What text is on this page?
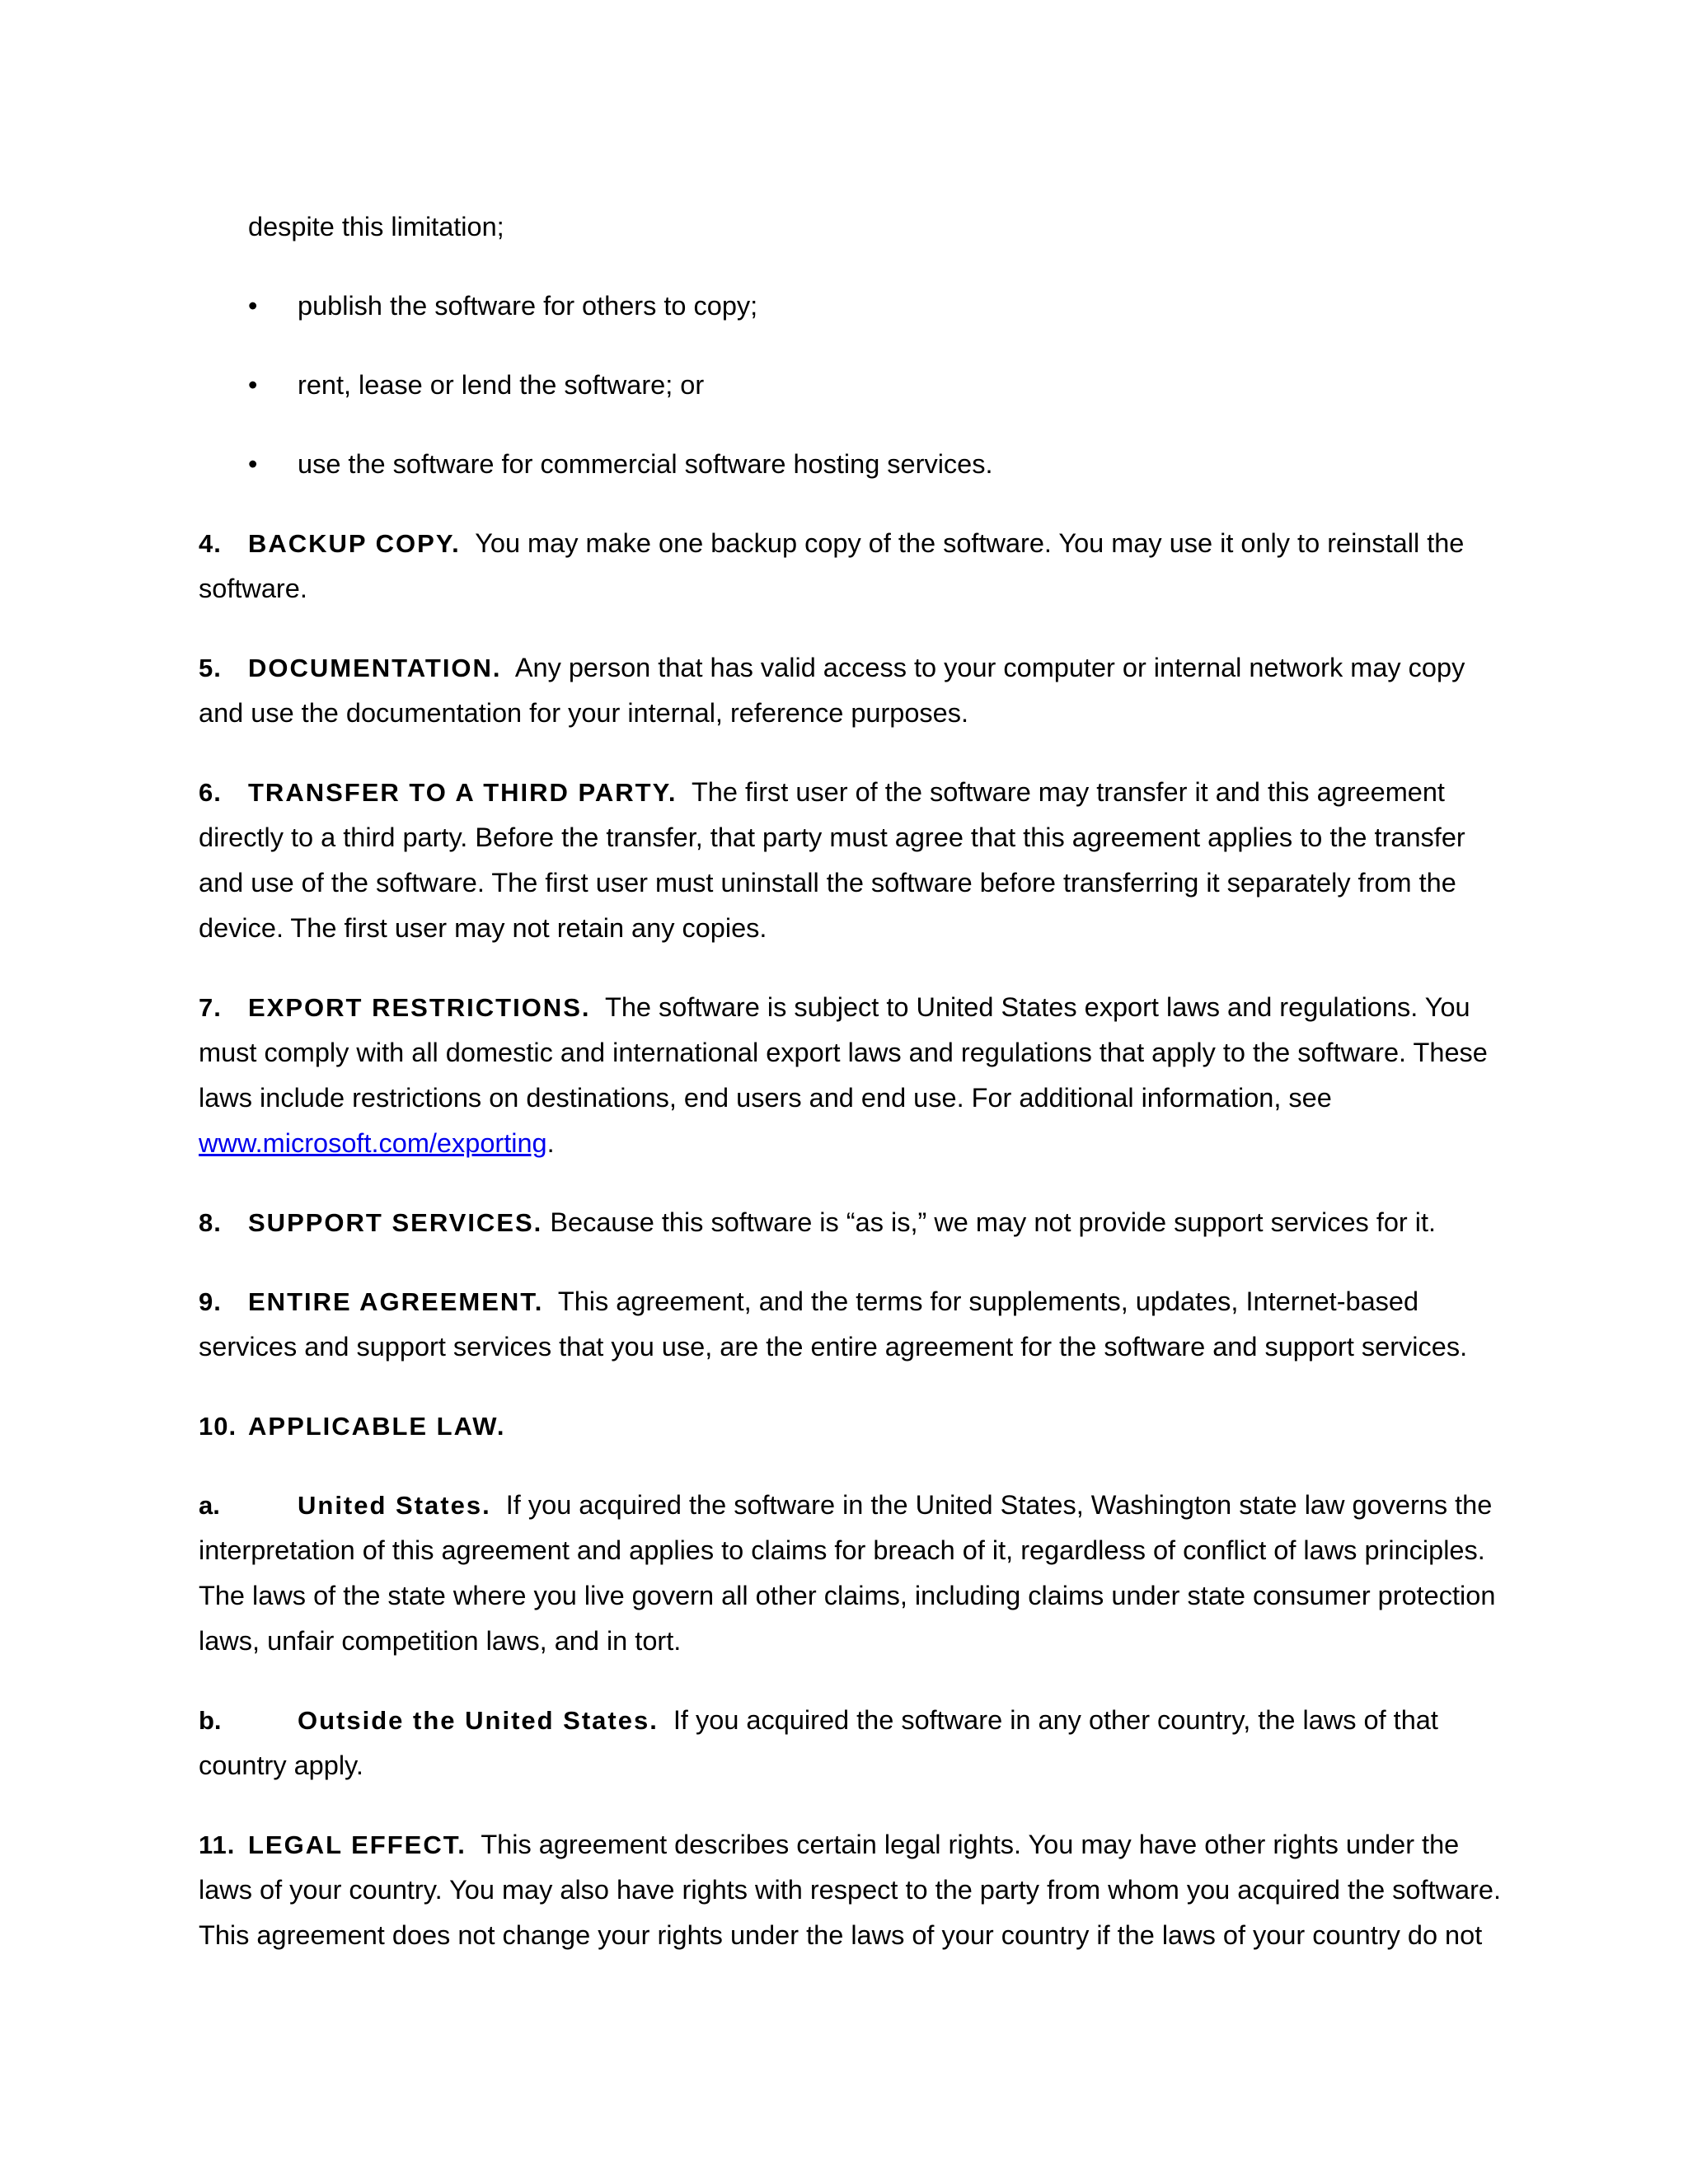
despite this limitation;
• publish the software for others to copy;
• rent, lease or lend the software; or
• use the software for commercial software hosting services.
4. BACKUP COPY. You may make one backup copy of the software. You may use it only to reinstall the
software.
5. DOCUMENTATION. Any person that has valid access to your computer or internal network may copy
and use the documentation for your internal, reference purposes.
6. TRANSFER TO A THIRD PARTY. The first user of the software may transfer it and this agreement
directly to a third party. Before the transfer, that party must agree that this agreement applies to the transfer
and use of the software. The first user must uninstall the software before transferring it separately from the
device. The first user may not retain any copies.
7. EXPORT RESTRICTIONS. The software is subject to United States export laws and regulations. You
must comply with all domestic and international export laws and regulations that apply to the software. These
laws include restrictions on destinations, end users and end use. For additional information, see
www.microsoft.com/exporting.
8. SUPPORT SERVICES. Because this software is “as is,” we may not provide support services for it.
9. ENTIRE AGREEMENT. This agreement, and the terms for supplements, updates, Internet-based
services and support services that you use, are the entire agreement for the software and support services.
10. APPLICABLE LAW.
a.	United States. If you acquired the software in the United States, Washington state law governs the
interpretation of this agreement and applies to claims for breach of it, regardless of conflict of laws principles.
The laws of the state where you live govern all other claims, including claims under state consumer protection
laws, unfair competition laws, and in tort.
b.	Outside the United States. If you acquired the software in any other country, the laws of that
country apply.
11. LEGAL EFFECT. This agreement describes certain legal rights. You may have other rights under the
laws of your country. You may also have rights with respect to the party from whom you acquired the software.
This agreement does not change your rights under the laws of your country if the laws of your country do not
